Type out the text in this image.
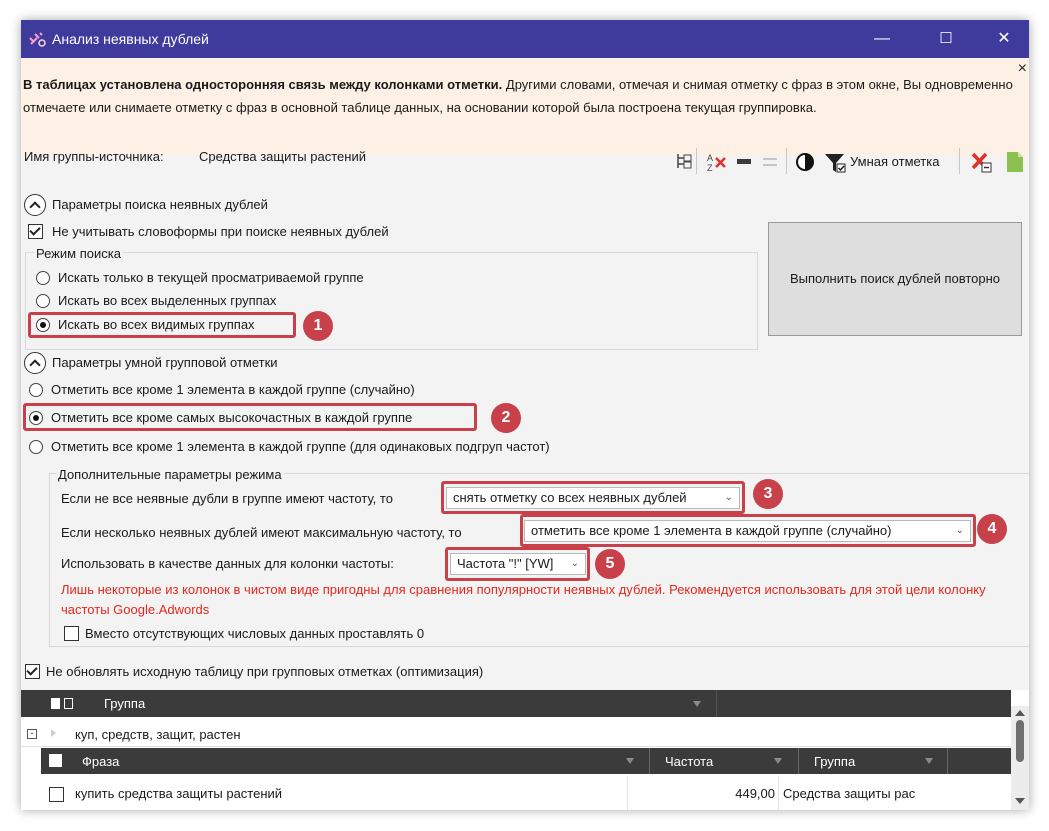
Анализ неявных дублей	—	☐	✕
×
В таблицах установлена односторонняя связь между колонками отметки. Другими словами, отмечая и снимая отметку с фраз в этом окне, Вы одновременно отмечаете или снимаете отметку с фраз в основной таблице данных, на основании которой была построена текущая группировка.
Имя группы-источника:	Средства защиты растений	A
Z	Умная отметка
Параметры поиска неявных дублей
Не учитывать словоформы при поиске неявных дублей
Режим поиска
Искать только в текущей просматриваемой группе
Искать во всех выделенных группах
Искать во всех видимых группах	1
Выполнить поиск дублей повторно
Параметры умной групповой отметки
Отметить все кроме 1 элемента в каждой группе (случайно)
Отметить все кроме самых высокочастных в каждой группе	2
Отметить все кроме 1 элемента в каждой группе (для одинаковых подгруп частот)
Дополнительные параметры режима
Если не все неявные дубли в группе имеют частоту, то	снять отметку со всех неявных дублей	⌄	3
Если несколько неявных дублей имеют максимальную частоту, то	отметить все кроме 1 элемента в каждой группе (случайно)	⌄	4
Использовать в качестве данных для колонки частоты:	Частота "!" [YW] ⌄	5
Лишь некоторые из колонок в чистом виде пригодны для сравнения популярности неявных дублей. Рекомендуется использовать для этой цели колонку частоты Google.Adwords
Вместо отсутствующих числовых данных проставлять 0
Не обновлять исходную таблицу при групповых отметках (оптимизация)
Группа
-	куп, средств, защит, растен
Фраза	Частота	Группа
купить средства защиты растений	449,00 Средства защиты рас
